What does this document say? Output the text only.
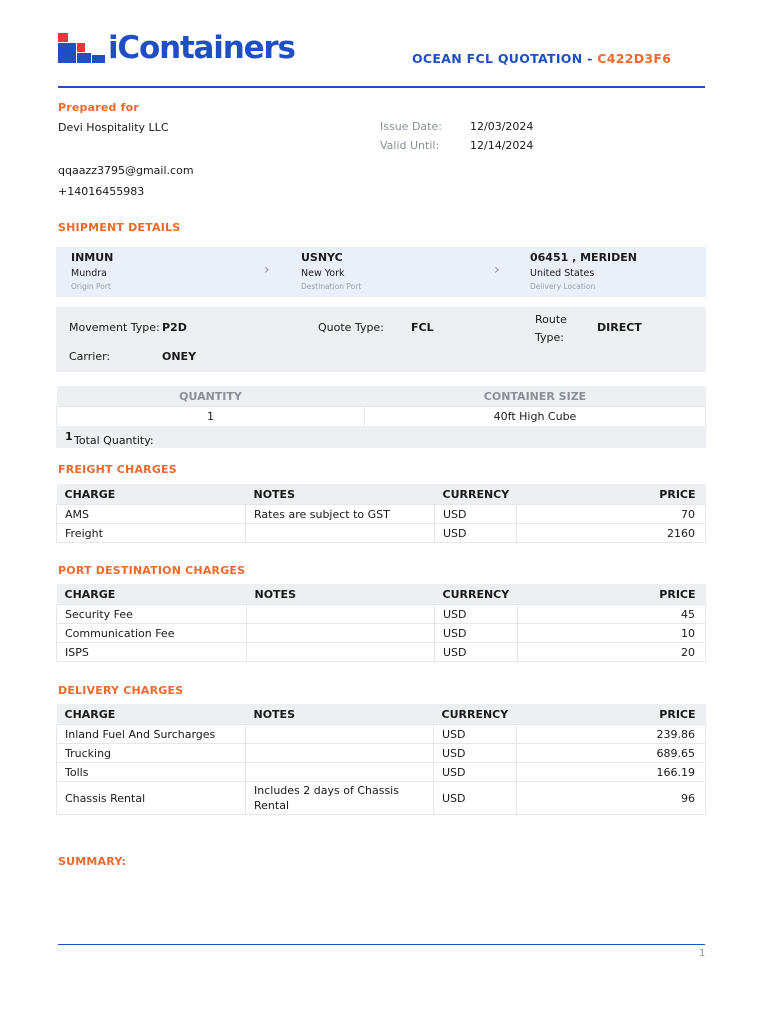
iContainers	OCEAN FCL QUOTATION - C422D3F6
Prepared for
Devi Hospitality LLC
qqaazz3795@gmail.com
+14016455983
Issue Date:	12/03/2024
Valid Until:	12/14/2024
SHIPMENT DETAILS
INMUN
Mundra
Origin Port
›
USNYC
New York
Destination Port
›
06451 , MERIDEN
United States
Delivery Location
Movement Type: P2D	Quote Type: FCL
Route
Type:
DIRECT
Carrier:	ONEY
QUANTITY	CONTAINER SIZE
1	40ft High Cube
Total Quantity:
1
FREIGHT CHARGES
CHARGE	NOTES	CURRENCY	PRICE
AMS	Rates are subject to GST	USD	70
Freight		USD	2160
PORT DESTINATION CHARGES
CHARGE	NOTES	CURRENCY	PRICE
Security Fee		USD	45
Communication Fee		USD	10
ISPS		USD	20
DELIVERY CHARGES
CHARGE	NOTES	CURRENCY	PRICE
Inland Fuel And Surcharges		USD	239.86
Trucking		USD	689.65
Tolls		USD	166.19
Chassis Rental	Includes 2 days of Chassis Rental	USD	96
SUMMARY:
1
